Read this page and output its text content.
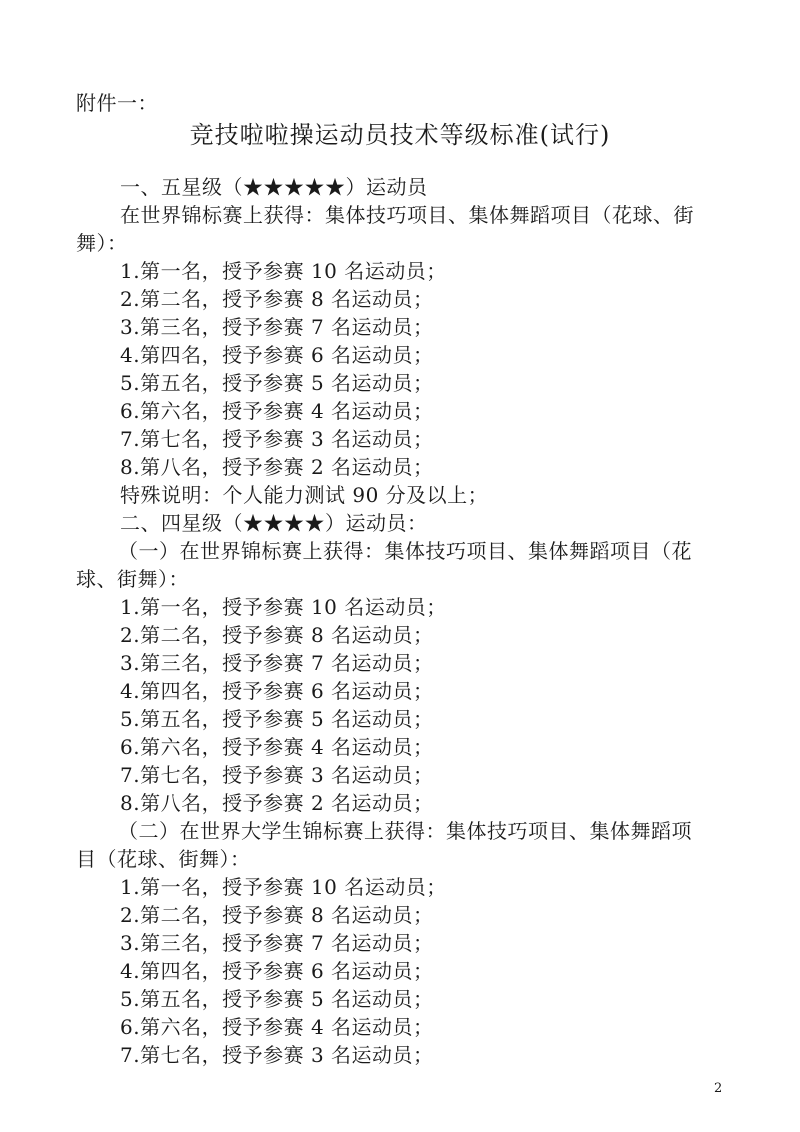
附件一：
竞技啦啦操运动员技术等级标准(试行)
一、五星级（★★★★★）运动员
在世界锦标赛上获得：集体技巧项目、集体舞蹈项目（花球、街
舞）：
1.第一名，授予参赛 10 名运动员；
2.第二名，授予参赛 8 名运动员；
3.第三名，授予参赛 7 名运动员；
4.第四名，授予参赛 6 名运动员；
5.第五名，授予参赛 5 名运动员；
6.第六名，授予参赛 4 名运动员；
7.第七名，授予参赛 3 名运动员；
8.第八名，授予参赛 2 名运动员；
特殊说明：个人能力测试 90 分及以上；
二、四星级（★★★★）运动员：
（一）在世界锦标赛上获得：集体技巧项目、集体舞蹈项目（花
球、街舞）：
1.第一名，授予参赛 10 名运动员；
2.第二名，授予参赛 8 名运动员；
3.第三名，授予参赛 7 名运动员；
4.第四名，授予参赛 6 名运动员；
5.第五名，授予参赛 5 名运动员；
6.第六名，授予参赛 4 名运动员；
7.第七名，授予参赛 3 名运动员；
8.第八名，授予参赛 2 名运动员；
（二）在世界大学生锦标赛上获得：集体技巧项目、集体舞蹈项
目（花球、街舞）：
1.第一名，授予参赛 10 名运动员；
2.第二名，授予参赛 8 名运动员；
3.第三名，授予参赛 7 名运动员；
4.第四名，授予参赛 6 名运动员；
5.第五名，授予参赛 5 名运动员；
6.第六名，授予参赛 4 名运动员；
7.第七名，授予参赛 3 名运动员；
2
